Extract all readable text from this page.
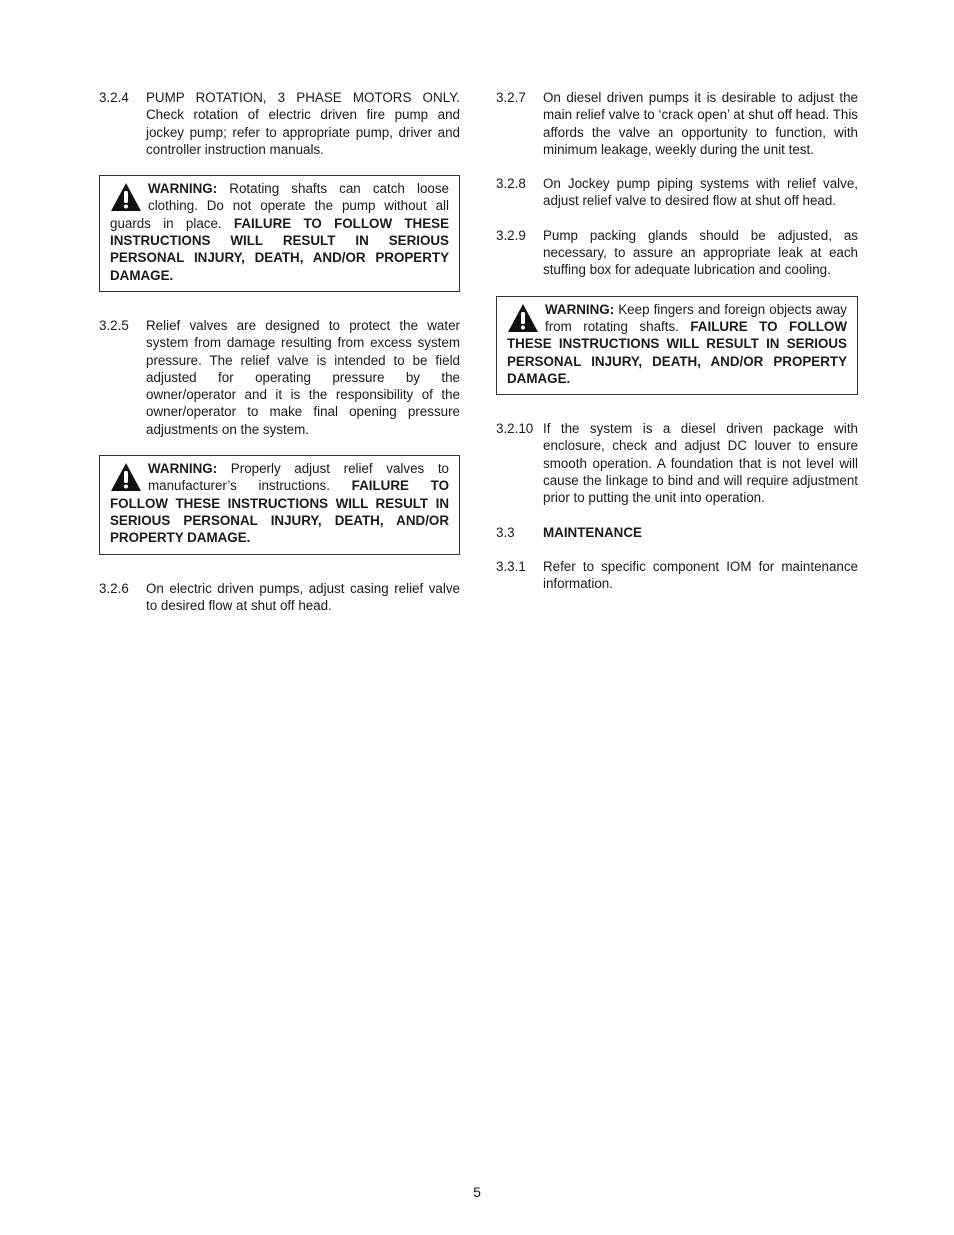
3.2.4	PUMP ROTATION, 3 PHASE MOTORS ONLY. Check rotation of electric driven fire pump and jockey pump; refer to appropriate pump, driver and controller instruction manuals.
WARNING: Rotating shafts can catch loose clothing. Do not operate the pump without all guards in place. FAILURE TO FOLLOW THESE INSTRUCTIONS WILL RESULT IN SERIOUS PERSONAL INJURY, DEATH, AND/OR PROPERTY DAMAGE.
3.2.5	Relief valves are designed to protect the water system from damage resulting from excess system pressure. The relief valve is intended to be field adjusted for operating pressure by the owner/operator and it is the responsibility of the owner/operator to make final opening pressure adjustments on the system.
WARNING: Properly adjust relief valves to manufacturer’s instructions. FAILURE TO FOLLOW THESE INSTRUCTIONS WILL RESULT IN SERIOUS PERSONAL INJURY, DEATH, AND/OR PROPERTY DAMAGE.
3.2.6	On electric driven pumps, adjust casing relief valve to desired flow at shut off head.
3.2.7	On diesel driven pumps it is desirable to adjust the main relief valve to ‘crack open’ at shut off head. This affords the valve an opportunity to function, with minimum leakage, weekly during the unit test.
3.2.8	On Jockey pump piping systems with relief valve, adjust relief valve to desired flow at shut off head.
3.2.9	Pump packing glands should be adjusted, as necessary, to assure an appropriate leak at each stuffing box for adequate lubrication and cooling.
WARNING: Keep fingers and foreign objects away from rotating shafts. FAILURE TO FOLLOW THESE INSTRUCTIONS WILL RESULT IN SERIOUS PERSONAL INJURY, DEATH, AND/OR PROPERTY DAMAGE.
3.2.10 If the system is a diesel driven package with enclosure, check and adjust DC louver to ensure smooth operation. A foundation that is not level will cause the linkage to bind and will require adjustment prior to putting the unit into operation.
3.3	MAINTENANCE
3.3.1	Refer to specific component IOM for maintenance information.
5
